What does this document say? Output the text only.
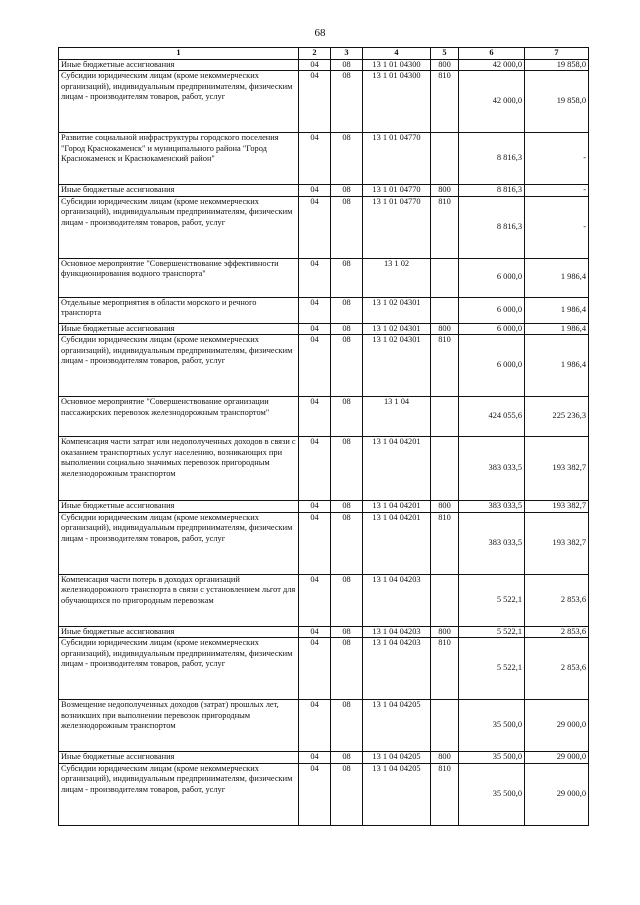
68
1	2	3	4	5	6	7
Иные бюджетные ассигнования	04	08	13 1 01 04300	800	42 000,0	19 858,0
Субсидии юридическим лицам (кроме некоммерческих организаций), индивидуальным предпринимателям, физическим лицам - производителям товаров, работ, услуг	04	08	13 1 01 04300	810	42 000,0	19 858,0
Развитие социальной инфраструктуры городского поселения "Город Краснокаменск" и муниципального района "Город Краснокаменск и Краснокаменский район"	04	08	13 1 01 04770		8 816,3	-
Иные бюджетные ассигнования	04	08	13 1 01 04770	800	8 816,3	-
Субсидии юридическим лицам (кроме некоммерческих организаций), индивидуальным предпринимателям, физическим лицам - производителям товаров, работ, услуг	04	08	13 1 01 04770	810	8 816,3	-
Основное мероприятие "Совершенствование эффективности функционирования водного транспорта"	04	08	13 1 02		6 000,0	1 986,4
Отдельные мероприятия в области морского и речного транспорта	04	08	13 1 02 04301		6 000,0	1 986,4
Иные бюджетные ассигнования	04	08	13 1 02 04301	800	6 000,0	1 986,4
Субсидии юридическим лицам (кроме некоммерческих организаций), индивидуальным предпринимателям, физическим лицам - производителям товаров, работ, услуг	04	08	13 1 02 04301	810	6 000,0	1 986,4
Основное мероприятие "Совершенствование организации пассажирских перевозок железнодорожным транспортом"	04	08	13 1 04		424 055,6	225 236,3
Компенсация части затрат или недополученных доходов в связи с оказанием транспортных услуг населению, возникающих при выполнении социально значимых перевозок пригородным железнодорожным транспортом	04	08	13 1 04 04201		383 033,5	193 382,7
Иные бюджетные ассигнования	04	08	13 1 04 04201	800	383 033,5	193 382,7
Субсидии юридическим лицам (кроме некоммерческих организаций), индивидуальным предпринимателям, физическим лицам - производителям товаров, работ, услуг	04	08	13 1 04 04201	810	383 033,5	193 382,7
Компенсация части потерь в доходах организаций железнодорожного транспорта в связи с установлением льгот для обучающихся по пригородным перевозкам	04	08	13 1 04 04203		5 522,1	2 853,6
Иные бюджетные ассигнования	04	08	13 1 04 04203	800	5 522,1	2 853,6
Субсидии юридическим лицам (кроме некоммерческих организаций), индивидуальным предпринимателям, физическим лицам - производителям товаров, работ, услуг	04	08	13 1 04 04203	810	5 522,1	2 853,6
Возмещение недополученных доходов (затрат) прошлых лет, возникших при выполнении перевозок пригородным железнодорожным транспортом	04	08	13 1 04 04205		35 500,0	29 000,0
Иные бюджетные ассигнования	04	08	13 1 04 04205	800	35 500,0	29 000,0
Субсидии юридическим лицам (кроме некоммерческих организаций), индивидуальным предпринимателям, физическим лицам - производителям товаров, работ, услуг	04	08	13 1 04 04205	810	35 500,0	29 000,0
